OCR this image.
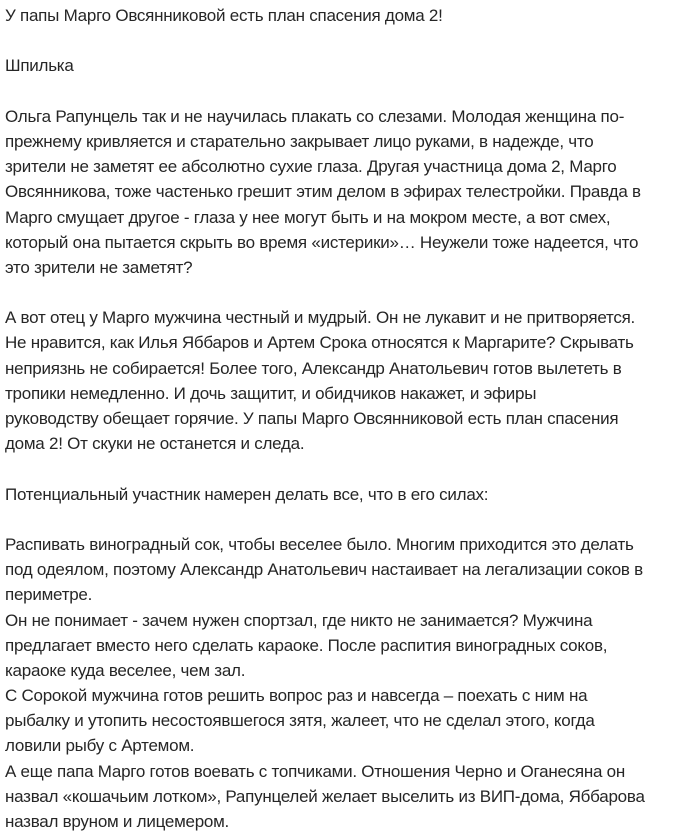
У папы Марго Овсянниковой есть план спасения дома 2!
Шпилька
Ольга Рапунцель так и не научилась плакать со слезами. Молодая женщина по-
прежнему кривляется и старательно закрывает лицо руками, в надежде, что
зрители не заметят ее абсолютно сухие глаза. Другая участница дома 2, Марго
Овсянникова, тоже частенько грешит этим делом в эфирах телестройки. Правда в
Марго смущает другое - глаза у нее могут быть и на мокром месте, а вот смех,
который она пытается скрыть во время «истерики»… Неужели тоже надеется, что
это зрители не заметят?
А вот отец у Марго мужчина честный и мудрый. Он не лукавит и не притворяется.
Не нравится, как Илья Яббаров и Артем Срока относятся к Маргарите? Скрывать
неприязнь не собирается! Более того, Александр Анатольевич готов вылететь в
тропики немедленно. И дочь защитит, и обидчиков накажет, и эфиры
руководству обещает горячие. У папы Марго Овсянниковой есть план спасения
дома 2! От скуки не останется и следа.
Потенциальный участник намерен делать все, что в его силах:
Распивать виноградный сок, чтобы веселее было. Многим приходится это делать
под одеялом, поэтому Александр Анатольевич настаивает на легализации соков в
периметре.
Он не понимает - зачем нужен спортзал, где никто не занимается? Мужчина
предлагает вместо него сделать караоке. После распития виноградных соков,
караоке куда веселее, чем зал.
С Сорокой мужчина готов решить вопрос раз и навсегда – поехать с ним на
рыбалку и утопить несостоявшегося зятя, жалеет, что не сделал этого, когда
ловили рыбу с Артемом.
А еще папа Марго готов воевать с топчиками. Отношения Черно и Оганесяна он
назвал «кошачьим лотком», Рапунцелей желает выселить из ВИП-дома, Яббарова
назвал вруном и лицемером.
